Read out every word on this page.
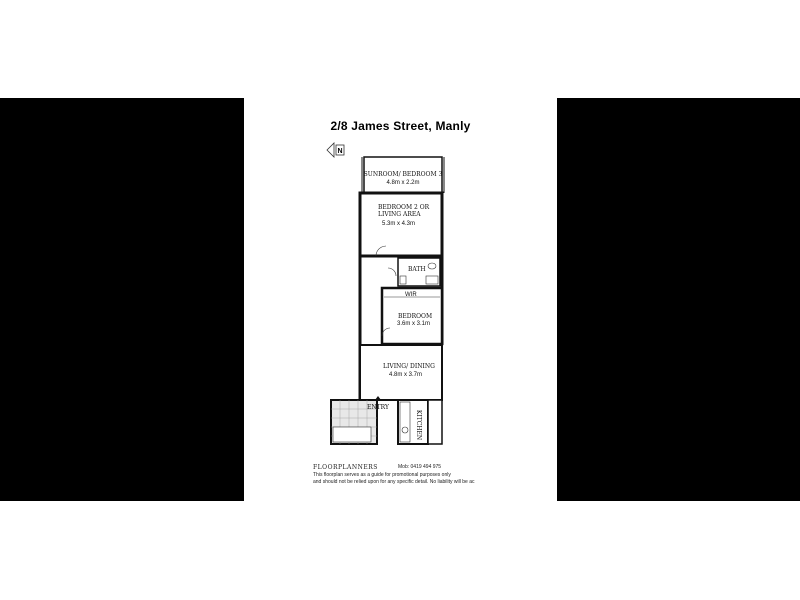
2/8 James Street, Manly
N
SUNROOM/ BEDROOM 3
4.8m x 2.2m
BEDROOM 2 OR
LIVING AREA
5.3m x 4.3m
BATH
WIR
BEDROOM
3.6m x 3.1m
LIVING/ DINING
4.8m x 3.7m
ENTRY
KITCHEN
FLOORPLANNERS	Mob: 0419 494 975
This floorplan serves as a guide for promotional purposes only
and should not be relied upon for any specific detail. No liability will be ac
